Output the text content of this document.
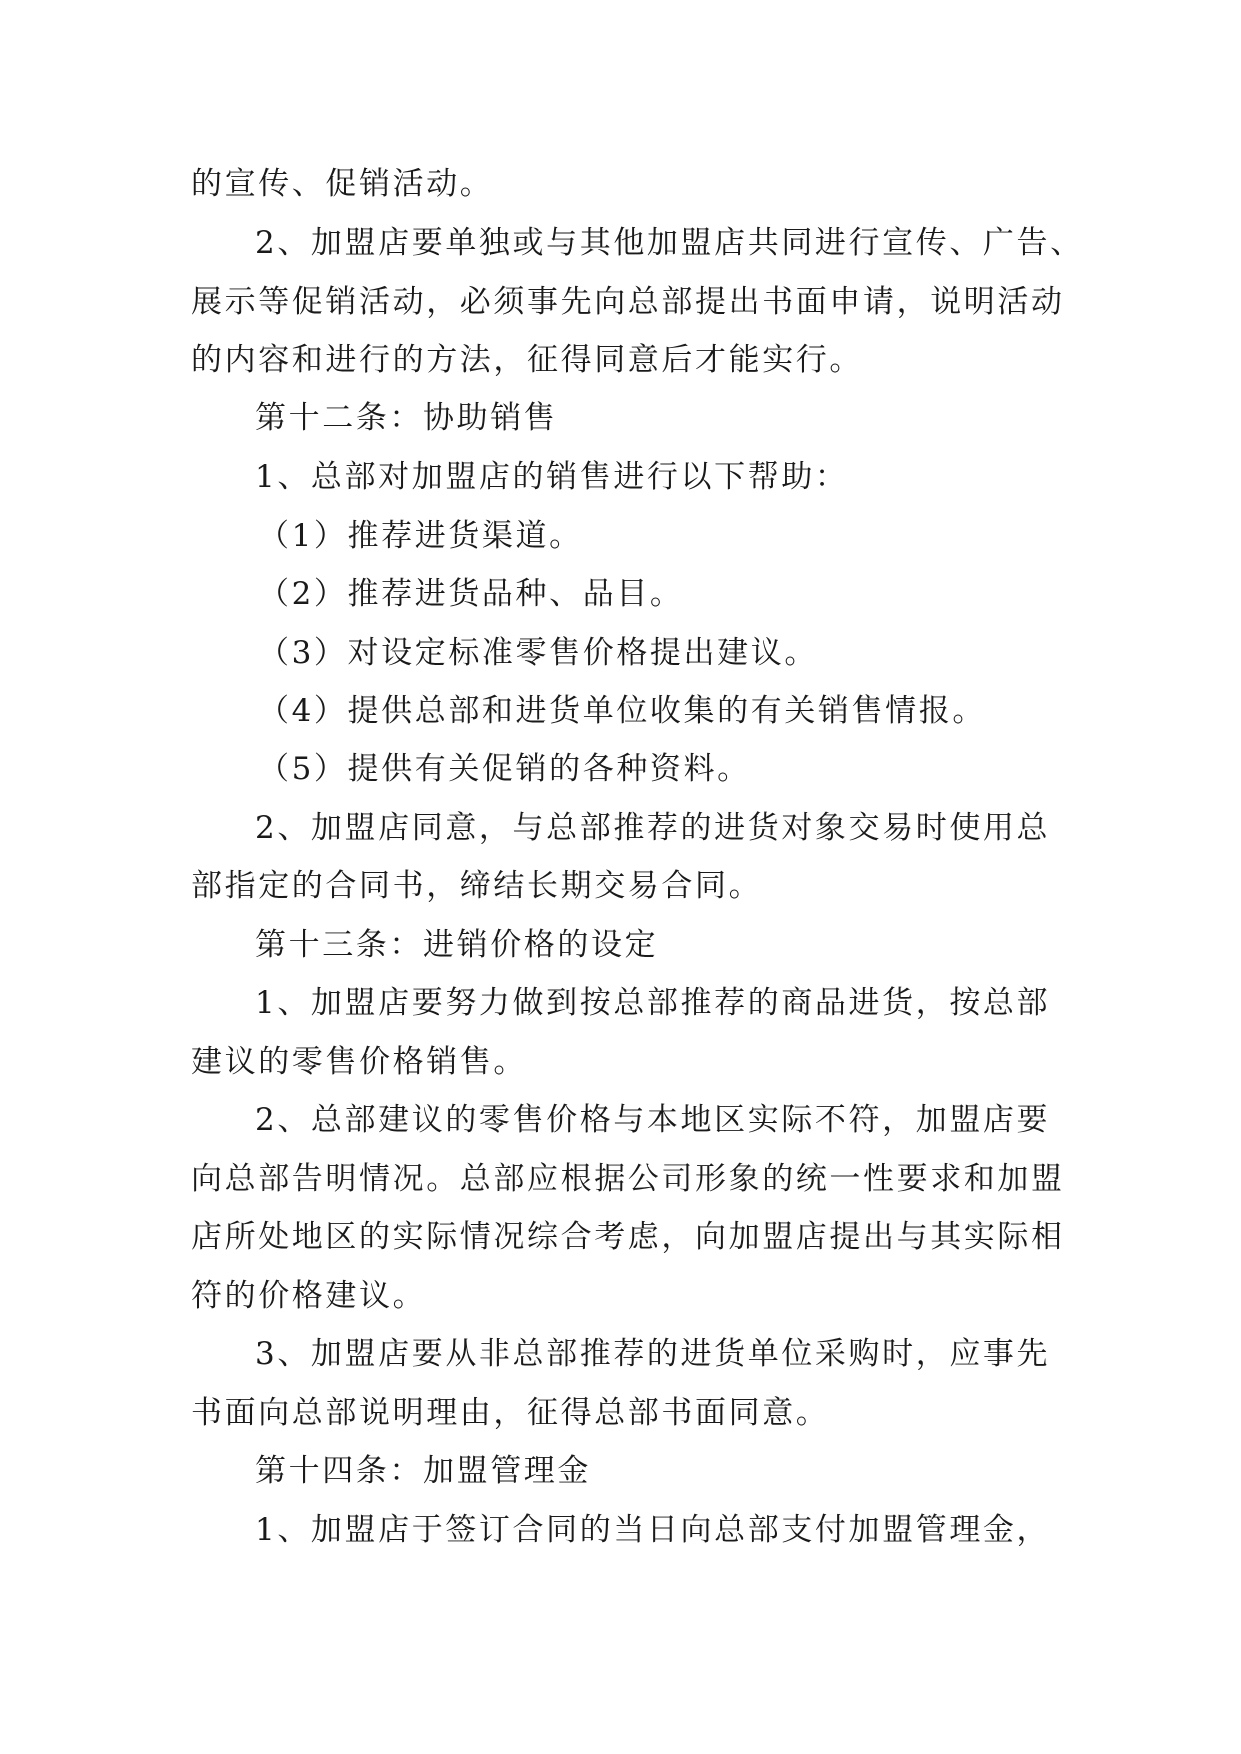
的宣传、促销活动。
2、加盟店要单独或与其他加盟店共同进行宣传、广告、
展示等促销活动，必须事先向总部提出书面申请，说明活动
的内容和进行的方法，征得同意后才能实行。
第十二条：协助销售
1、总部对加盟店的销售进行以下帮助：
（1）推荐进货渠道。
（2）推荐进货品种、品目。
（3）对设定标准零售价格提出建议。
（4）提供总部和进货单位收集的有关销售情报。
（5）提供有关促销的各种资料。
2、加盟店同意，与总部推荐的进货对象交易时使用总
部指定的合同书，缔结长期交易合同。
第十三条：进销价格的设定
1、加盟店要努力做到按总部推荐的商品进货，按总部
建议的零售价格销售。
2、总部建议的零售价格与本地区实际不符，加盟店要
向总部告明情况。总部应根据公司形象的统一性要求和加盟
店所处地区的实际情况综合考虑，向加盟店提出与其实际相
符的价格建议。
3、加盟店要从非总部推荐的进货单位采购时，应事先
书面向总部说明理由，征得总部书面同意。
第十四条：加盟管理金
1、加盟店于签订合同的当日向总部支付加盟管理金，
